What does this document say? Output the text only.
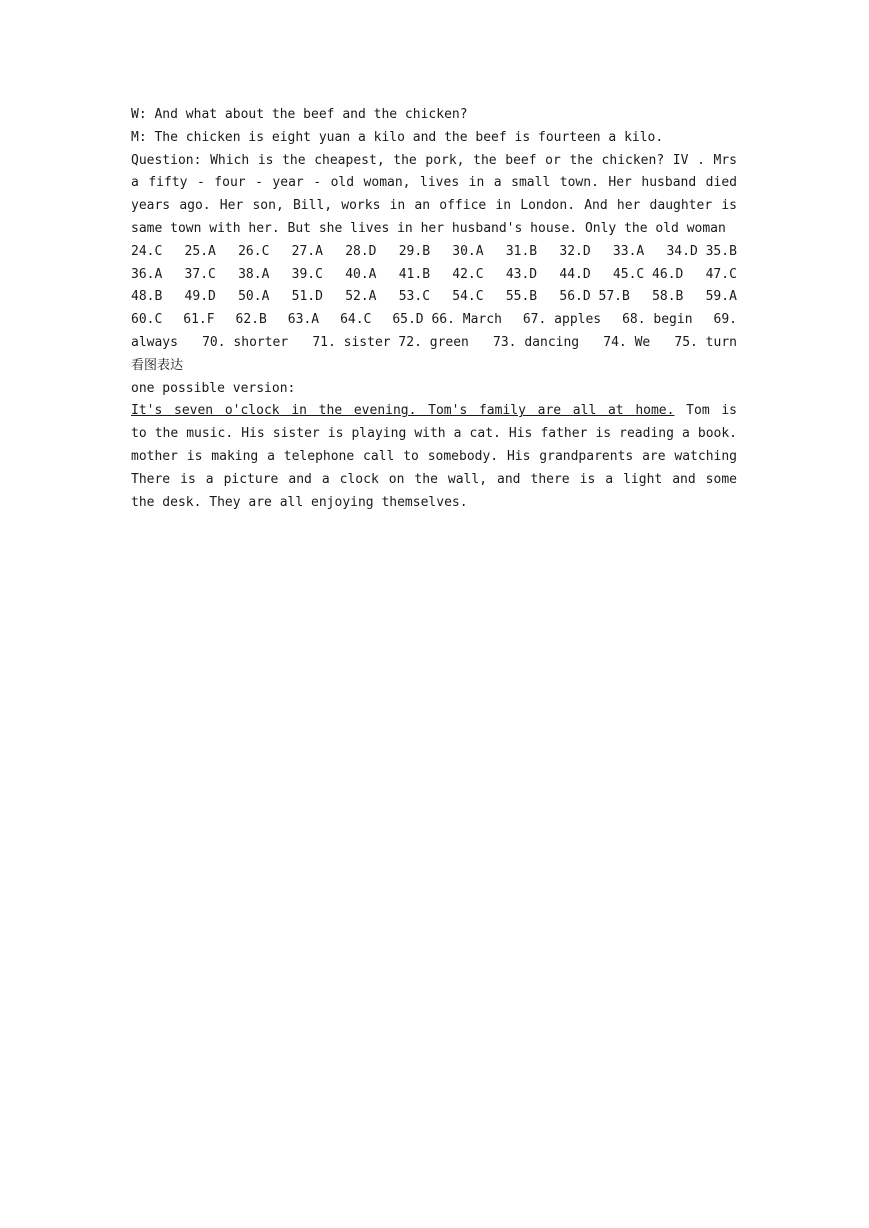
W: And what about the beef and the chicken?
M: The chicken is eight yuan a kilo and the beef is fourteen a kilo.
Question: Which is the cheapest, the pork, the beef or the chicken? IV . Mrs
a fifty - four - year - old woman, lives in a small town. Her husband died
years ago. Her son, Bill, works in an office in London. And her daughter is
same town with her. But she lives in her husband's house. Only the old woman
24.C 25.A 26.C 27.A 28.D 29.B 30.A 31.B 32.D 33.A 34.D 35.B
36.A 37.C 38.A 39.C 40.A 41.B 42.C 43.D 44.D 45.C 46.D 47.C
48.B 49.D 50.A 51.D 52.A 53.C 54.C 55.B 56.D 57.B 58.B 59.A
60.C 61.F 62.B 63.A 64.C 65.D 66. March 67. apples 68. begin 69.
always 70. shorter 71. sister 72. green 73. dancing 74. We 75. turn
看图表达
one possible version:
It's seven o'clock in the evening. Tom's family are all at home. Tom is
to the music. His sister is playing with a cat. His father is reading a book.
mother is making a telephone call to somebody. His grandparents are watching
There is a picture and a clock on the wall, and there is a light and some
the desk. They are all enjoying themselves.
